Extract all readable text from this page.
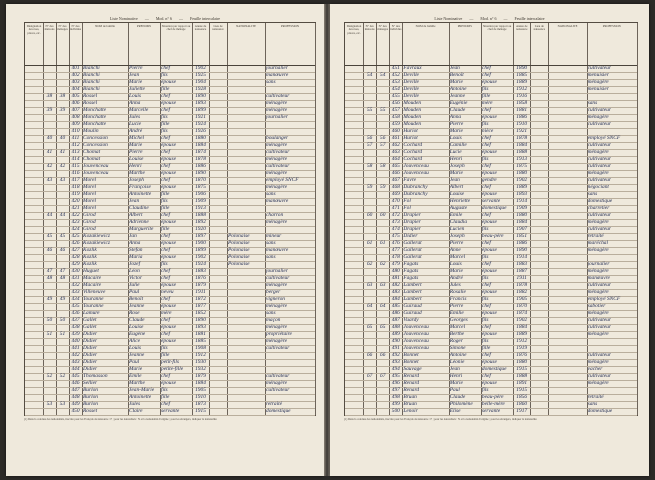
Liste Nominative — Mod. n° 6 — Feuille intercalaire
Désignation des rues, places, etc.
N° des maisons
N° des ménages
N° des individus
NOM de famille	PRÉNOMS	Situation par rapport au chef de ménage
Année de naissance
Lieu de naissance
NATIONALITÉ	PROFESSION
401 Bianchi	Pierre	chef	1902	journalier
402 Bianchi	Jean	fils	1925	manœuvre
403 Bianchi	Marie	épouse	1904	sans
404 Bianchi	Juliette	fille	1928
38	38	405 Rossel	Louis	chef	1890	cultivateur
406 Rossel	Anna	épouse	1893	ménagère
39	39	407 Monchatte	Marcelle	chef	1899	ménagère
408 Monchatte	Jules	fils	1921	journalier
409 Monchatte	Lucie	fille	1924
410 Moulin	André	fils	1926
40	40	411 Concession	Michel	chef	1880	boulanger
412 Concession	Marie	épouse	1884	ménagère
41	41	413 Chomat	Pierre	chef	1874	cultivateur
414 Chomat	Louise	épouse	1878	ménagère
42	42	415 Jouvenceau	Henri	chef	1886	cultivateur
416 Jouvenceau	Marthe	épouse	1890	ménagère
43	43	417 Morel	Joseph	chef	1870	employé SNCF
418 Morel	Françoise	épouse	1875	ménagère
419 Morel	Antoinette	fille	1906	sans
420 Morel	Jean	fils	1909	manœuvre
421 Morel	Claudine	fille	1913
44	44	422 Girod	Albert	chef	1888	charron
423 Girod	Adrienne	épouse	1892	ménagère
424 Girod	Marguerite	fille	1920
45	45	425 Kozakiewicz	Jan	chef	1897	Polonaise	mineur
426 Kozakiewicz	Anna	épouse	1900	Polonaise	sans
46	46	427 Kozlik	Stefan	chef	1899	Polonaise	manœuvre
428 Kozlik	Maria	épouse	1902	Polonaise	sans
429 Kozlik	Jozef	fils	1924	Polonaise
47	47	430 Huguet	Léon	chef	1883	journalier
48	48	431 Macaire	Victor	chef	1876	cultivateur
432 Macaire	Julie	épouse	1879	ménagère
433 Villeneuve	Paul	neveu	1911	berger
49	49	434 Touranne	Benoît	chef	1872	vigneron
435 Touranne	Jeanne	épouse	1877	ménagère
436 Lamure	Rose	mère	1852	sans
50	50	437 Gallet	Claude	chef	1890	maçon
438 Gallet	Louise	épouse	1893	ménagère
51	51	439 Didier	Eugène	chef	1881	propriétaire
440 Didier	Alice	épouse	1885	ménagère
441 Didier	Louis	fils	1908	cultivateur
442 Didier	Jeanne	fille	1912
443 Didier	Paul	petit-fils	1930
444 Didier	Marie	petite-fille	1932
52	52	445 Thomasson	Émile	chef	1879	cultivateur
446 Sellier	Marthe	épouse	1884	ménagère
447 Burlon	Jean-Marie	fils	1905	cultivateur
448 Burlon	Antoinette	fille	1910
53	53	449 Burlon	Jules	chef	1873	retraité
450 Rosset	Claire	servante	1915	domestique
(1) Dans la colonne des nationalités, inscrire pour les Français de naissance : F ; pour les naturalisés : N et la nationalité d'origine ; pour les étrangers, indiquer la nationalité.
Liste Nominative — Mod. n° 6 — Feuille intercalaire
Désignation des rues, places, etc.
N° des maisons
N° des ménages
N° des individus
NOM de famille	PRÉNOMS	Situation par rapport au chef de ménage
Année de naissance
Lieu de naissance
NATIONALITÉ	PROFESSION
451 Favraux	Jean	chef	1890	cultivateur
54	54	452 Deville	Benoît	chef	1885	menuisier
453 Deville	Marie	épouse	1889	ménagère
454 Deville	Antoine	fils	1912	menuisier
455 Deville	Jeanne	fille	1916
456 Mouden	Eugénie	mère	1858	sans
55	55	457 Mouden	Claude	chef	1881	cultivateur
458 Mouden	Anna	épouse	1886	ménagère
459 Mouden	Pierre	fils	1910	cultivateur
460 Huriot	Marie	nièce	1921
56	56	461 Huriot	Louis	chef	1878	employé SNCF
57	57	462 Cochard	Camille	chef	1884	cultivateur
463 Cochard	Lucie	épouse	1888	ménagère
464 Cochard	Henri	fils	1913	cultivateur
58	58	465 Jouvenceau	Joseph	chef	1875	cultivateur
466 Jouvenceau	Marie	épouse	1880	ménagère
467 Favre	Jean	gendre	1902	cultivateur
59	59	468 Dubranchy	Albert	chef	1889	négociant
469 Dubranchy	Louise	épouse	1893	sans
470 Fol	Henriette	servante	1914	domestique
471 Fol	Auguste	domestique	1909	charretier
60	60	472 Drapier	Émile	chef	1880	cultivateur
473 Drapier	Claudia	épouse	1884	ménagère
474 Drapier	Lucien	fils	1907	cultivateur
475 Didier	Joseph	beau-père	1851	retraité
61	61	476 Gallerat	Pierre	chef	1886	maréchal
477 Gallerat	Anne	épouse	1890	ménagère
478 Gallerat	Marcel	fils	1914
62	62	479 Fagats	Louis	chef	1883	journalier
480 Fagats	Marie	épouse	1887	ménagère
481 Fagats	André	fils	1911	manœuvre
63	63	482 Lambert	Jules	chef	1878	cultivateur
483 Lambert	Rosalie	épouse	1882	ménagère
484 Lambert	Francis	fils	1905	employé SNCF
64	64	485 Guiraud	Pierre	chef	1870	sabotier
486 Guiraud	Émilie	épouse	1874	ménagère
487 Vuardy	Georges	fils	1902	cultivateur
65	65	488 Jouvenceau	Marcel	chef	1884	cultivateur
489 Jouvenceau	Berthe	épouse	1889	ménagère
490 Jouvenceau	Roger	fils	1912
491 Jouvenceau	Simone	fille	1919
66	66	492 Bonnet	Antoine	chef	1876	cultivateur
493 Bonnet	Léonie	épouse	1880	ménagère
494 Sauvage	Jean	domestique	1915	vacher
67	67	495 Renard	Henri	chef	1888	cultivateur
496 Renard	Marie	épouse	1891	ménagère
497 Renard	Paul	fils	1915
498 Bruan	Claude	beau-père	1856	retraité
499 Bruan	Philomène	belle-mère	1860	sans
500 Lenoir	Élise	servante	1917	domestique
(1) Dans la colonne des nationalités, inscrire pour les Français de naissance : F ; pour les naturalisés : N et la nationalité d'origine ; pour les étrangers, indiquer la nationalité.
